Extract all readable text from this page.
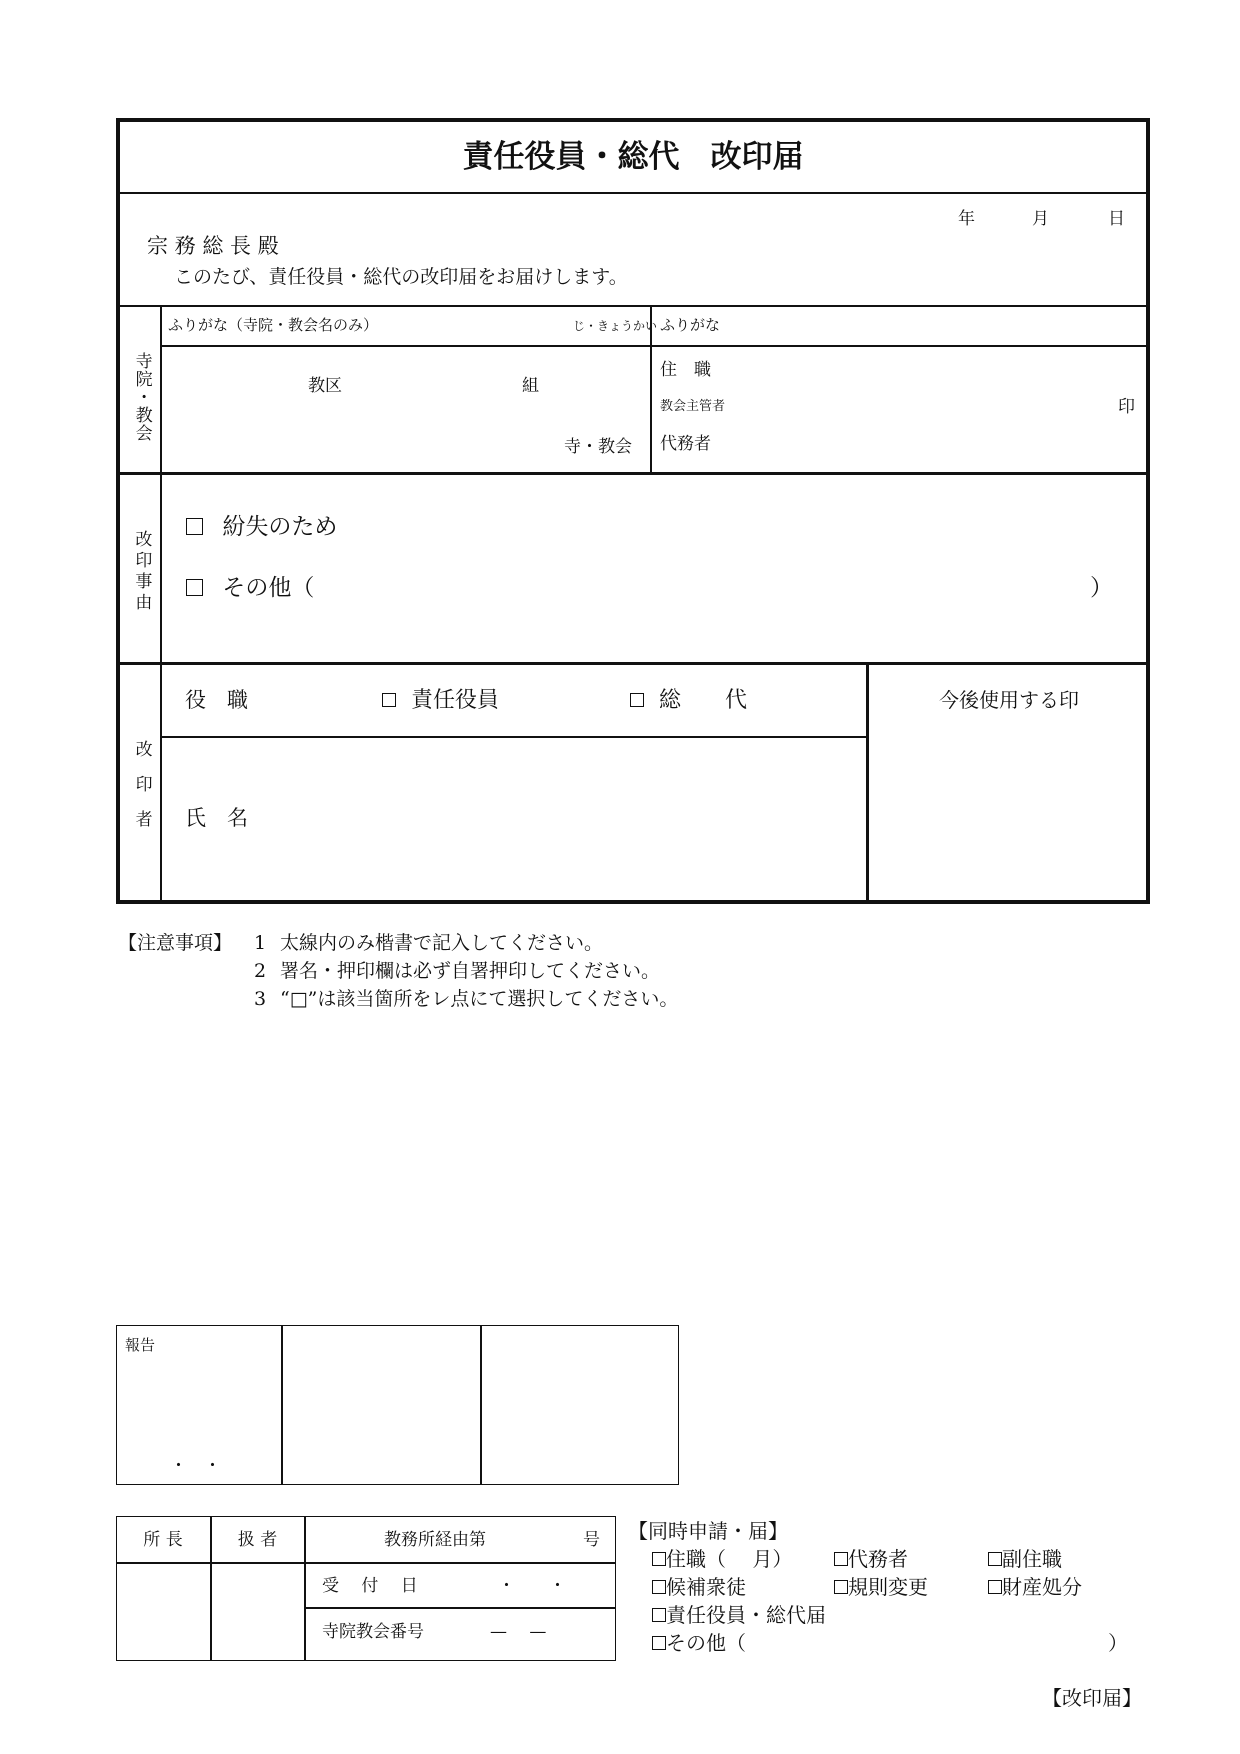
責任役員・総代　改印届
年	月	日
宗 務 総 長 殿
このたび、責任役員・総代の改印届をお届けします。
寺院・教会
ふりがな（寺院・教会名のみ）	じ・きょうかい ふりがな
教区	組
寺・教会
住　職
教会主管者	印
代務者
改印事由
紛失のため
その他（	）
改印者
役　職	責任役員	総　　代	今後使用する印
氏　名
【注意事項】 1 太線内のみ楷書で記入してください。
2 署名・押印欄は必ず自署押印してください。
3 “□”は該当箇所をレ点にて選択してください。
報告
・　・
所 長	扱 者	教務所経由第	号
受　 付　 日	・　　・
寺院教会番号	—　 —
【同時申請・届】
住職（　 月）	代務者	副住職
候補衆徒	規則変更	財産処分
責任役員・総代届
その他（	）
【改印届】
